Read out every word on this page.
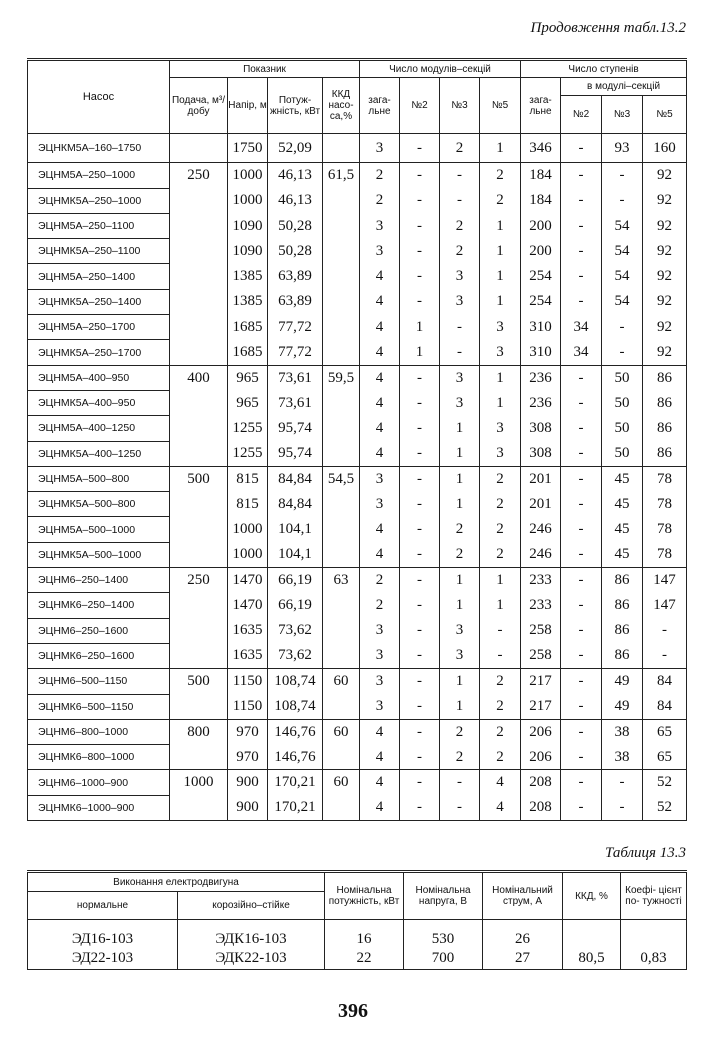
Продовження табл.13.2
Насос	Показник				Число модулів–секцій				Число ступенів			
	Подача, м³/ добу	Напір, м	Потуж- жність, кВт	ККД насо- са,%	зага- льне	№2	№3	№5	зага- льне	в модулі–секцій		
										№2	№3	№5
ЭЦНКМ5А–160–1750		1750	52,09		3	-	2	1	346	-	93	160
ЭЦНМ5А–250–1000	250	1000	46,13	61,5	2	-	-	2	184	-	-	92
ЭЦНМК5А–250–1000		1000	46,13		2	-	-	2	184	-	-	92
ЭЦНМ5А–250–1100		1090	50,28		3	-	2	1	200	-	54	92
ЭЦНМК5А–250–1100		1090	50,28		3	-	2	1	200	-	54	92
ЭЦНМ5А–250–1400		1385	63,89		4	-	3	1	254	-	54	92
ЭЦНМК5А–250–1400		1385	63,89		4	-	3	1	254	-	54	92
ЭЦНМ5А–250–1700		1685	77,72		4	1	-	3	310	34	-	92
ЭЦНМК5А–250–1700		1685	77,72		4	1	-	3	310	34	-	92
ЭЦНМ5А–400–950	400	965	73,61	59,5	4	-	3	1	236	-	50	86
ЭЦНМК5А–400–950		965	73,61		4	-	3	1	236	-	50	86
ЭЦНМ5А–400–1250		1255	95,74		4	-	1	3	308	-	50	86
ЭЦНМК5А–400–1250		1255	95,74		4	-	1	3	308	-	50	86
ЭЦНМ5А–500–800	500	815	84,84	54,5	3	-	1	2	201	-	45	78
ЭЦНМК5А–500–800		815	84,84		3	-	1	2	201	-	45	78
ЭЦНМ5А–500–1000		1000	104,1		4	-	2	2	246	-	45	78
ЭЦНМК5А–500–1000		1000	104,1		4	-	2	2	246	-	45	78
ЭЦНМ6–250–1400	250	1470	66,19	63	2	-	1	1	233	-	86	147
ЭЦНМК6–250–1400		1470	66,19		2	-	1	1	233	-	86	147
ЭЦНМ6–250–1600		1635	73,62		3	-	3	-	258	-	86	-
ЭЦНМК6–250–1600		1635	73,62		3	-	3	-	258	-	86	-
ЭЦНМ6–500–1150	500	1150	108,74	60	3	-	1	2	217	-	49	84
ЭЦНМК6–500–1150		1150	108,74		3	-	1	2	217	-	49	84
ЭЦНМ6–800–1000	800	970	146,76	60	4	-	2	2	206	-	38	65
ЭЦНМК6–800–1000		970	146,76		4	-	2	2	206	-	38	65
ЭЦНМ6–1000–900	1000	900	170,21	60	4	-	-	4	208	-	-	52
ЭЦНМК6–1000–900		900	170,21		4	-	-	4	208	-	-	52
Таблиця 13.3
Виконання електродвигуна		Номінальна потужність, кВт	Номінальна напруга, В	Номінальний струм, А	ККД, %	Коефі- цієнт по- тужності
нормальне	корозійно–стійке					
ЭД16-103	ЭДК16-103	16	530	26		
ЭД22-103	ЭДК22-103	22	700	27	80,5	0,83
396
